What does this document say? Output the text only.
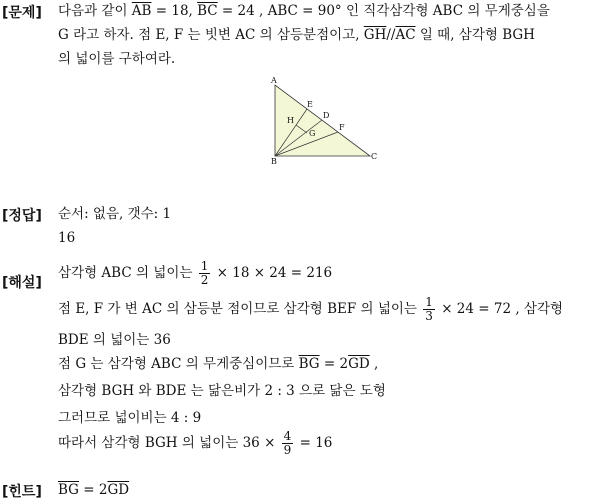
[문제] 다음과 같이 $\overline{AB} = 18$, $\overline{BC} = 24$ , ABC = 90° 인 직각삼각형 ABC 의 무게중심을
G 라고 하자. 점 E, F 는 빗변 AC 의 삼등분점이고, $\overline{GH}//\overline{AC}$ 일 때, 삼각형 BGH
의 넓이를 구하여라.
A
B
C
D
E
F
G
H
[정답] 순서: 없음, 갯수: 1
16
[해설]
삼각형 ABC 의 넓이는 $\frac{1}{2} \times 18 \times 24 = 216$
점 E, F 가 변 AC 의 삼등분 점이므로 삼각형 BEF 의 넓이는 $\frac{1}{3} \times 24 = 72$ , 삼각형
BDE 의 넓이는 36
점 G 는 삼각형 ABC 의 무게중심이므로 $\overline{BG} = 2\overline{GD}$ ,
삼각형 BGH 와 BDE 는 닮은비가 2 : 3 으로 닮은 도형
그러므로 넓이비는 4 : 9
따라서 삼각형 BGH 의 넓이는 $36 \times \frac{4}{9} = 16$
[힌트] $\overline{BG} = 2\overline{GD}$
